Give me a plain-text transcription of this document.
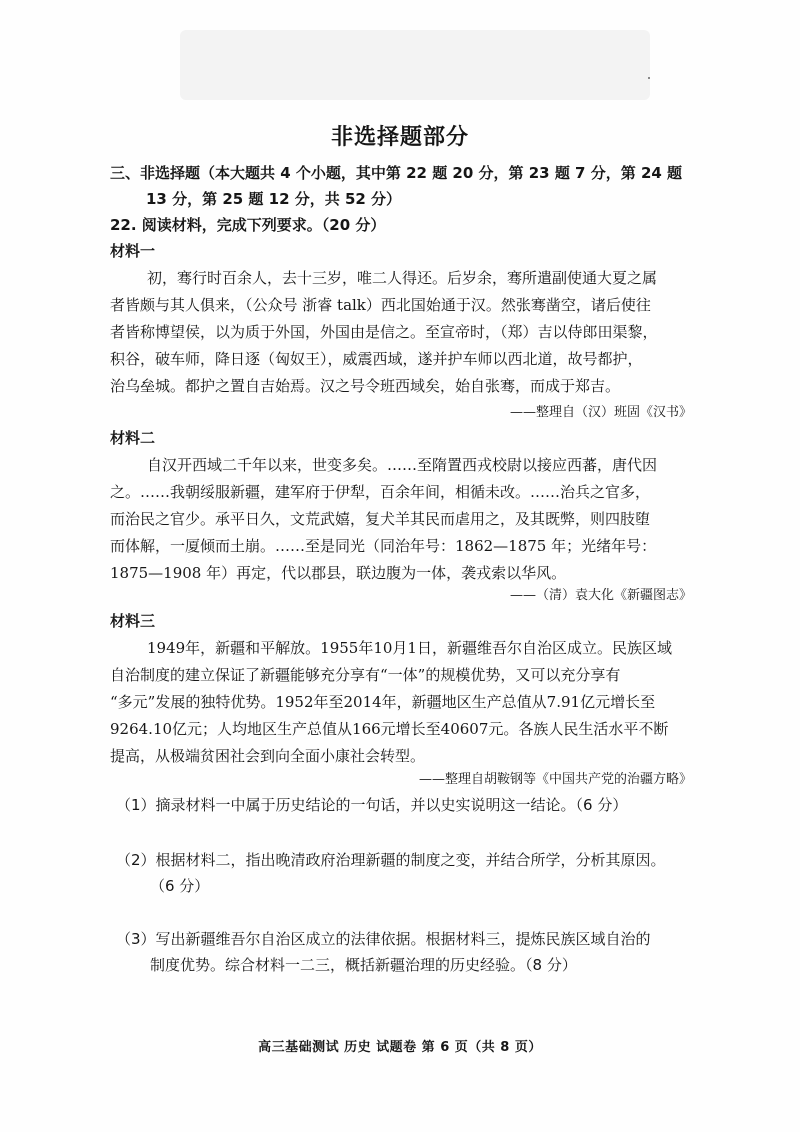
非选择题部分
三、非选择题（本大题共 4 个小题，其中第 22 题 20 分，第 23 题 7 分，第 24 题
13 分，第 25 题 12 分，共 52 分）
22. 阅读材料，完成下列要求。（20 分）
材料一
初，骞行时百余人，去十三岁，唯二人得还。后岁余，骞所遣副使通大夏之属
者皆颇与其人俱来，（公众号 浙睿 talk）西北国始通于汉。然张骞凿空，诸后使往
者皆称博望侯，以为质于外国，外国由是信之。至宣帝时，（郑）吉以侍郎田渠黎，
积谷，破车师，降日逐（匈奴王），威震西域，遂并护车师以西北道，故号都护，
治乌垒城。都护之置自吉始焉。汉之号令班西域矣，始自张骞，而成于郑吉。
——整理自（汉）班固《汉书》
材料二
自汉开西域二千年以来，世变多矣。……至隋置西戎校尉以接应西蕃，唐代因
之。……我朝绥服新疆，建军府于伊犁，百余年间，相循未改。……治兵之官多，
而治民之官少。承平日久，文荒武嬉，复犬羊其民而虐用之，及其既弊，则四肢堕
而体解，一厦倾而土崩。……至是同光（同治年号：1862—1875 年；光绪年号：
1875—1908 年）再定，代以郡县，联边腹为一体，袭戎索以华风。
——（清）袁大化《新疆图志》
材料三
1949年，新疆和平解放。1955年10月1日，新疆维吾尔自治区成立。民族区域
自治制度的建立保证了新疆能够充分享有“一体”的规模优势，又可以充分享有
“多元”发展的独特优势。1952年至2014年，新疆地区生产总值从7.91亿元增长至
9264.10亿元；人均地区生产总值从166元增长至40607元。各族人民生活水平不断
提高，从极端贫困社会到向全面小康社会转型。
——整理自胡鞍钢等《中国共产党的治疆方略》
（1）摘录材料一中属于历史结论的一句话，并以史实说明这一结论。（6 分）
（2）根据材料二，指出晚清政府治理新疆的制度之变，并结合所学，分析其原因。
（6 分）
（3）写出新疆维吾尔自治区成立的法律依据。根据材料三，提炼民族区域自治的
制度优势。综合材料一二三，概括新疆治理的历史经验。（8 分）
高三基础测试 历史 试题卷 第 6 页（共 8 页）
